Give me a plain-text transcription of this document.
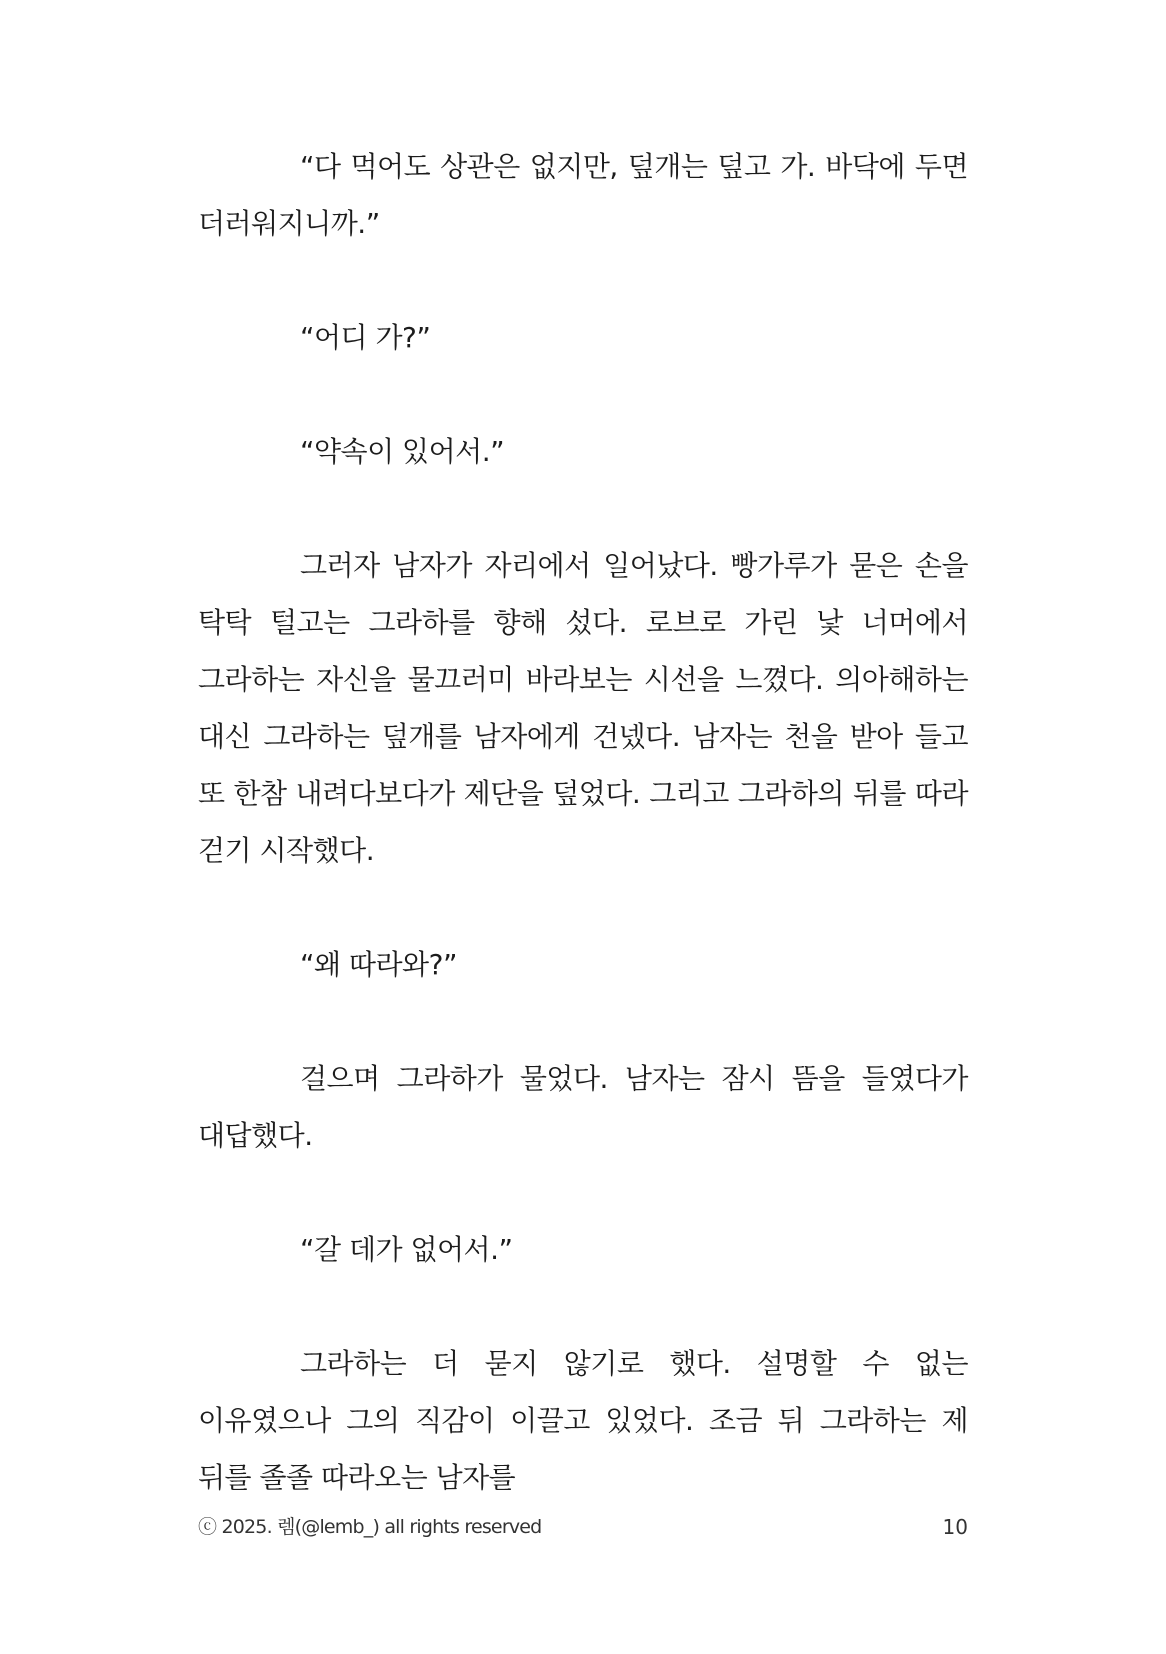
“다 먹어도 상관은 없지만, 덮개는 덮고 가. 바닥에 두면 더러워지니까.”

“어디 가?”

“약속이 있어서.”

그러자 남자가 자리에서 일어났다. 빵가루가 묻은 손을 탁탁 털고는 그라하를 향해 섰다. 로브로 가린 낯 너머에서 그라하는 자신을 물끄러미 바라보는 시선을 느꼈다. 의아해하는 대신 그라하는 덮개를 남자에게 건넸다. 남자는 천을 받아 들고 또 한참 내려다보다가 제단을 덮었다. 그리고 그라하의 뒤를 따라 걷기 시작했다.

“왜 따라와?”

걸으며 그라하가 물었다. 남자는 잠시 뜸을 들였다가 대답했다.

“갈 데가 없어서.”

그라하는 더 묻지 않기로 했다. 설명할 수 없는 이유였으나 그의 직감이 이끌고 있었다. 조금 뒤 그라하는 제 뒤를 졸졸 따라오는 남자를

ⓒ 2025. 렘(@lemb_) all rights reserved	10
